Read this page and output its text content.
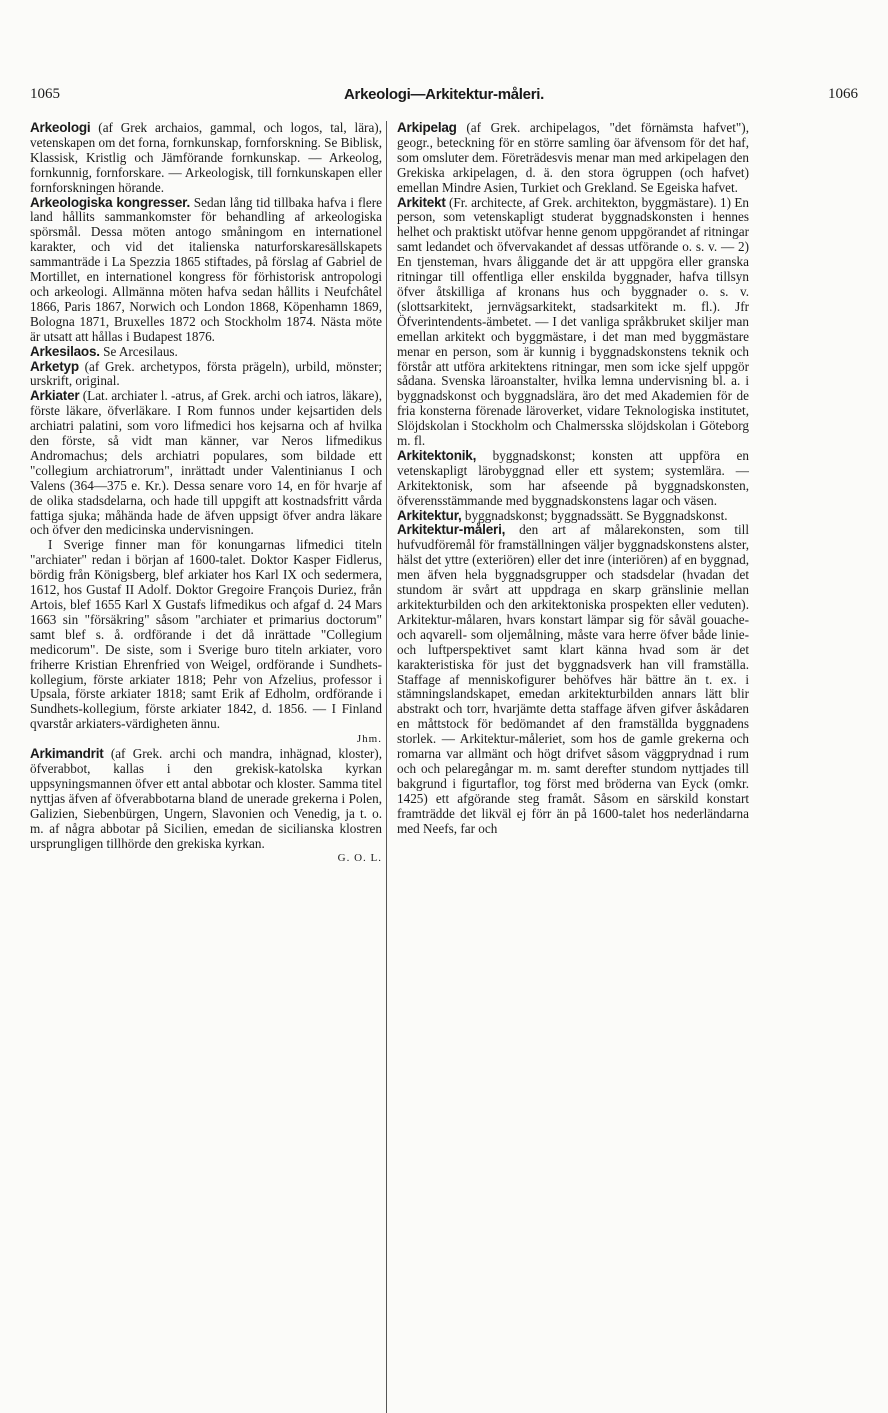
1065	Arkeologi—Arkitektur-måleri.	1066

Arkeologi (af Grek archaios, gammal, och logos, tal, lära), vetenskapen om det forna, fornkunskap, fornforskning. Se Biblisk, Klassisk, Kristlig och Jämförande fornkunskap. — Arkeolog, fornkunnig, fornforskare. — Arkeologisk, till fornkunskapen eller fornforskningen hörande.

Arkeologiska kongresser. Sedan lång tid tillbaka hafva i flere land hållits sammankomster för behandling af arkeologiska spörsmål. Dessa möten antogo småningom en internationel karakter, och vid det italienska naturforskaresällskapets sammanträde i La Spezzia 1865 stiftades, på förslag af Gabriel de Mortillet, en internationel kongress för förhistorisk antropologi och arkeologi. Allmänna möten hafva sedan hållits i Neufchâtel 1866, Paris 1867, Norwich och London 1868, Köpenhamn 1869, Bologna 1871, Bruxelles 1872 och Stockholm 1874. Nästa möte är utsatt att hållas i Budapest 1876.

Arkesilaos. Se Arcesilaus.

Arketyp (af Grek. archetypos, första prägeln), urbild, mönster; urskrift, original.

Arkiater (Lat. archiater l. -atrus, af Grek. archi och iatros, läkare), förste läkare, öfverläkare. I Rom funnos under kejsartiden dels archiatri palatini, som voro lifmedici hos kejsarna och af hvilka den förste, så vidt man känner, var Neros lifmedikus Andromachus; dels archiatri populares, som bildade ett "collegium archiatrorum", inrättadt under Valentinianus I och Valens (364—375 e. Kr.). Dessa senare voro 14, en för hvarje af de olika stadsdelarna, och hade till uppgift att kostnadsfritt vårda fattiga sjuka; måhända hade de äfven uppsigt öfver andra läkare och öfver den medicinska undervisningen.

I Sverige finner man för konungarnas lifmedici titeln "archiater" redan i början af 1600-talet. Doktor Kasper Fidlerus, bördig från Königsberg, blef arkiater hos Karl IX och sedermera, 1612, hos Gustaf II Adolf. Doktor Gregoire François Duriez, från Artois, blef 1655 Karl X Gustafs lifmedikus och afgaf d. 24 Mars 1663 sin "försäkring" såsom "archiater et primarius doctorum" samt blef s. å. ordförande i det då inrättade "Collegium medicorum". De siste, som i Sverige buro titeln arkiater, voro friherre Kristian Ehrenfried von Weigel, ordförande i Sundhets-kollegium, förste arkiater 1818; Pehr von Afzelius, professor i Upsala, förste arkiater 1818; samt Erik af Edholm, ordförande i Sundhets-kollegium, förste arkiater 1842, d. 1856. — I Finland qvarstår arkiaters-värdigheten ännu.
Jhm.

Arkimandrit (af Grek. archi och mandra, inhägnad, kloster), öfverabbot, kallas i den grekisk-katolska kyrkan uppsyningsmannen öfver ett antal abbotar och kloster. Samma titel nyttjas äfven af öfverabbotarna bland de unerade grekerna i Polen, Galizien, Siebenbürgen, Ungern, Slavonien och Venedig, ja t. o. m. af några abbotar på Sicilien, emedan de sicilianska klostren ursprungligen tillhörde den grekiska kyrkan.
G. O. L.

Arkipelag (af Grek. archipelagos, "det förnämsta hafvet"), geogr., beteckning för en större samling öar äfvensom för det haf, som omsluter dem. Företrädesvis menar man med arkipelagen den Grekiska arkipelagen, d. ä. den stora ögruppen (och hafvet) emellan Mindre Asien, Turkiet och Grekland. Se Egeiska hafvet.

Arkitekt (Fr. architecte, af Grek. architekton, byggmästare). 1) En person, som vetenskapligt studerat byggnadskonsten i hennes helhet och praktiskt utöfvar henne genom uppgörandet af ritningar samt ledandet och öfvervakandet af dessas utförande o. s. v. — 2) En tjensteman, hvars åliggande det är att uppgöra eller granska ritningar till offentliga eller enskilda byggnader, hafva tillsyn öfver åtskilliga af kronans hus och byggnader o. s. v. (slottsarkitekt, jernvägsarkitekt, stadsarkitekt m. fl.). Jfr Öfverintendents-ämbetet. — I det vanliga språkbruket skiljer man emellan arkitekt och byggmästare, i det man med byggmästare menar en person, som är kunnig i byggnadskonstens teknik och förstår att utföra arkitektens ritningar, men som icke sjelf uppgör sådana. Svenska läroanstalter, hvilka lemna undervisning bl. a. i byggnadskonst och byggnadslära, äro det med Akademien för de fria konsterna förenade läroverket, vidare Teknologiska institutet, Slöjdskolan i Stockholm och Chalmersska slöjdskolan i Göteborg m. fl.

Arkitektonik, byggnadskonst; konsten att uppföra en vetenskapligt lärobyggnad eller ett system; systemlära. — Arkitektonisk, som har afseende på byggnadskonsten, öfverensstämmande med byggnadskonstens lagar och väsen.

Arkitektur, byggnadskonst; byggnadssätt. Se Byggnadskonst.

Arkitektur-måleri, den art af målarekonsten, som till hufvudföremål för framställningen väljer byggnadskonstens alster, hälst det yttre (exteriören) eller det inre (interiören) af en byggnad, men äfven hela byggnadsgrupper och stadsdelar (hvadan det stundom är svårt att uppdraga en skarp gränslinie mellan arkitekturbilden och den arkitektoniska prospekten eller veduten). Arkitektur-målaren, hvars konstart lämpar sig för såväl gouache- och aqvarell- som oljemålning, måste vara herre öfver både linie- och luftperspektivet samt klart känna hvad som är det karakteristiska för just det byggnadsverk han vill framställa. Staffage af menniskofigurer behöfves här bättre än t. ex. i stämningslandskapet, emedan arkitekturbilden annars lätt blir abstrakt och torr, hvarjämte detta staffage äfven gifver åskådaren en måttstock för bedömandet af den framställda byggnadens storlek. — Arkitektur-måleriet, som hos de gamle grekerna och romarna var allmänt och högt drifvet såsom väggprydnad i rum och och pelaregångar m. m. samt derefter stundom nyttjades till bakgrund i figurtaflor, tog först med bröderna van Eyck (omkr. 1425) ett afgörande steg framåt. Såsom en särskild konstart framträdde det likväl ej förr än på 1600-talet hos nederländarna med Neefs, far och
